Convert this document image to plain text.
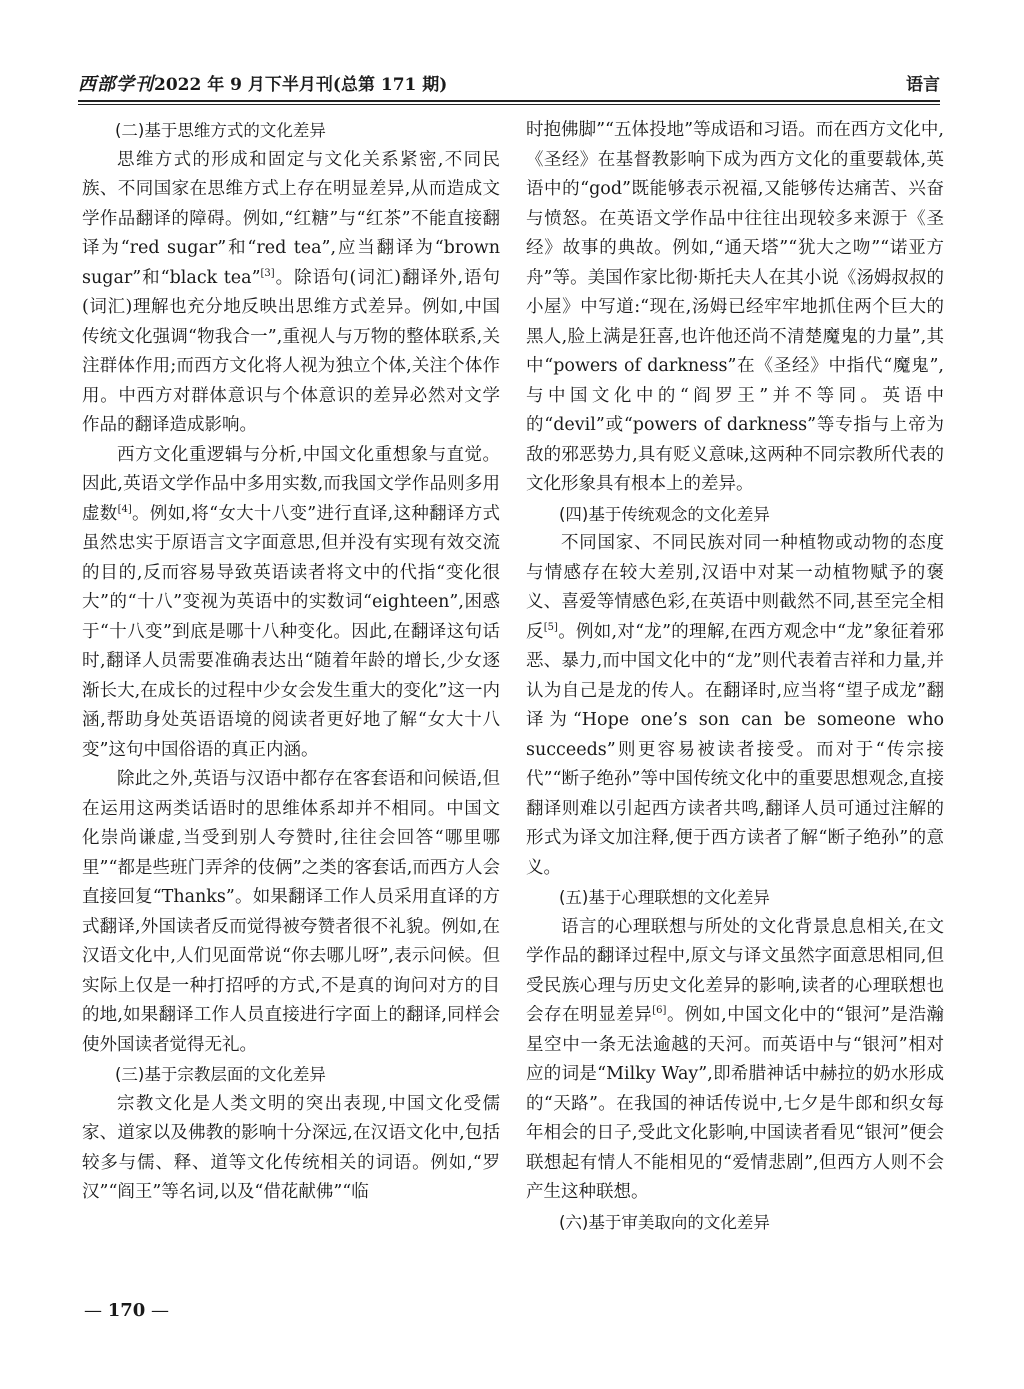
西部学刊2022 年 9 月下半月刊(总第 171 期)	语言

(二)基于思维方式的文化差异

思维方式的形成和固定与文化关系紧密,不同民族、不同国家在思维方式上存在明显差异,从而造成文学作品翻译的障碍。例如,“红糖”与“红茶”不能直接翻译为“red sugar”和“red tea”,应当翻译为“brown sugar”和“black tea”[3]。除语句(词汇)翻译外,语句(词汇)理解也充分地反映出思维方式差异。例如,中国传统文化强调“物我合一”,重视人与万物的整体联系,关注群体作用;而西方文化将人视为独立个体,关注个体作用。中西方对群体意识与个体意识的差异必然对文学作品的翻译造成影响。

西方文化重逻辑与分析,中国文化重想象与直觉。因此,英语文学作品中多用实数,而我国文学作品则多用虚数[4]。例如,将“女大十八变”进行直译,这种翻译方式虽然忠实于原语言文字面意思,但并没有实现有效交流的目的,反而容易导致英语读者将文中的代指“变化很大”的“十八”变视为英语中的实数词“eighteen”,困惑于“十八变”到底是哪十八种变化。因此,在翻译这句话时,翻译人员需要准确表达出“随着年龄的增长,少女逐渐长大,在成长的过程中少女会发生重大的变化”这一内涵,帮助身处英语语境的阅读者更好地了解“女大十八变”这句中国俗语的真正内涵。

除此之外,英语与汉语中都存在客套语和问候语,但在运用这两类话语时的思维体系却并不相同。中国文化崇尚谦虚,当受到别人夸赞时,往往会回答“哪里哪里”“都是些班门弄斧的伎俩”之类的客套话,而西方人会直接回复“Thanks”。如果翻译工作人员采用直译的方式翻译,外国读者反而觉得被夸赞者很不礼貌。例如,在汉语文化中,人们见面常说“你去哪儿呀”,表示问候。但实际上仅是一种打招呼的方式,不是真的询问对方的目的地,如果翻译工作人员直接进行字面上的翻译,同样会使外国读者觉得无礼。

(三)基于宗教层面的文化差异

宗教文化是人类文明的突出表现,中国文化受儒家、道家以及佛教的影响十分深远,在汉语文化中,包括较多与儒、释、道等文化传统相关的词语。例如,“罗汉”“阎王”等名词,以及“借花献佛”“临

时抱佛脚”“五体投地”等成语和习语。而在西方文化中,《圣经》在基督教影响下成为西方文化的重要载体,英语中的“god”既能够表示祝福,又能够传达痛苦、兴奋与愤怒。在英语文学作品中往往出现较多来源于《圣经》故事的典故。例如,“通天塔”“犹大之吻”“诺亚方舟”等。美国作家比彻·斯托夫人在其小说《汤姆叔叔的小屋》中写道:“现在,汤姆已经牢牢地抓住两个巨大的黑人,脸上满是狂喜,也许他还尚不清楚魔鬼的力量”,其中“powers of darkness”在《圣经》中指代“魔鬼”,与中国文化中的“阎罗王”并不等同。英语中的“devil”或“powers of darkness”等专指与上帝为敌的邪恶势力,具有贬义意味,这两种不同宗教所代表的文化形象具有根本上的差异。

(四)基于传统观念的文化差异

不同国家、不同民族对同一种植物或动物的态度与情感存在较大差别,汉语中对某一动植物赋予的褒义、喜爱等情感色彩,在英语中则截然不同,甚至完全相反[5]。例如,对“龙”的理解,在西方观念中“龙”象征着邪恶、暴力,而中国文化中的“龙”则代表着吉祥和力量,并认为自己是龙的传人。在翻译时,应当将“望子成龙”翻译为“Hope one’s son can be someone who succeeds”则更容易被读者接受。而对于“传宗接代”“断子绝孙”等中国传统文化中的重要思想观念,直接翻译则难以引起西方读者共鸣,翻译人员可通过注解的形式为译文加注释,便于西方读者了解“断子绝孙”的意义。

(五)基于心理联想的文化差异

语言的心理联想与所处的文化背景息息相关,在文学作品的翻译过程中,原文与译文虽然字面意思相同,但受民族心理与历史文化差异的影响,读者的心理联想也会存在明显差异[6]。例如,中国文化中的“银河”是浩瀚星空中一条无法逾越的天河。而英语中与“银河”相对应的词是“Milky Way”,即希腊神话中赫拉的奶水形成的“天路”。在我国的神话传说中,七夕是牛郎和织女每年相会的日子,受此文化影响,中国读者看见“银河”便会联想起有情人不能相见的“爱情悲剧”,但西方人则不会产生这种联想。

(六)基于审美取向的文化差异

— 170 —
